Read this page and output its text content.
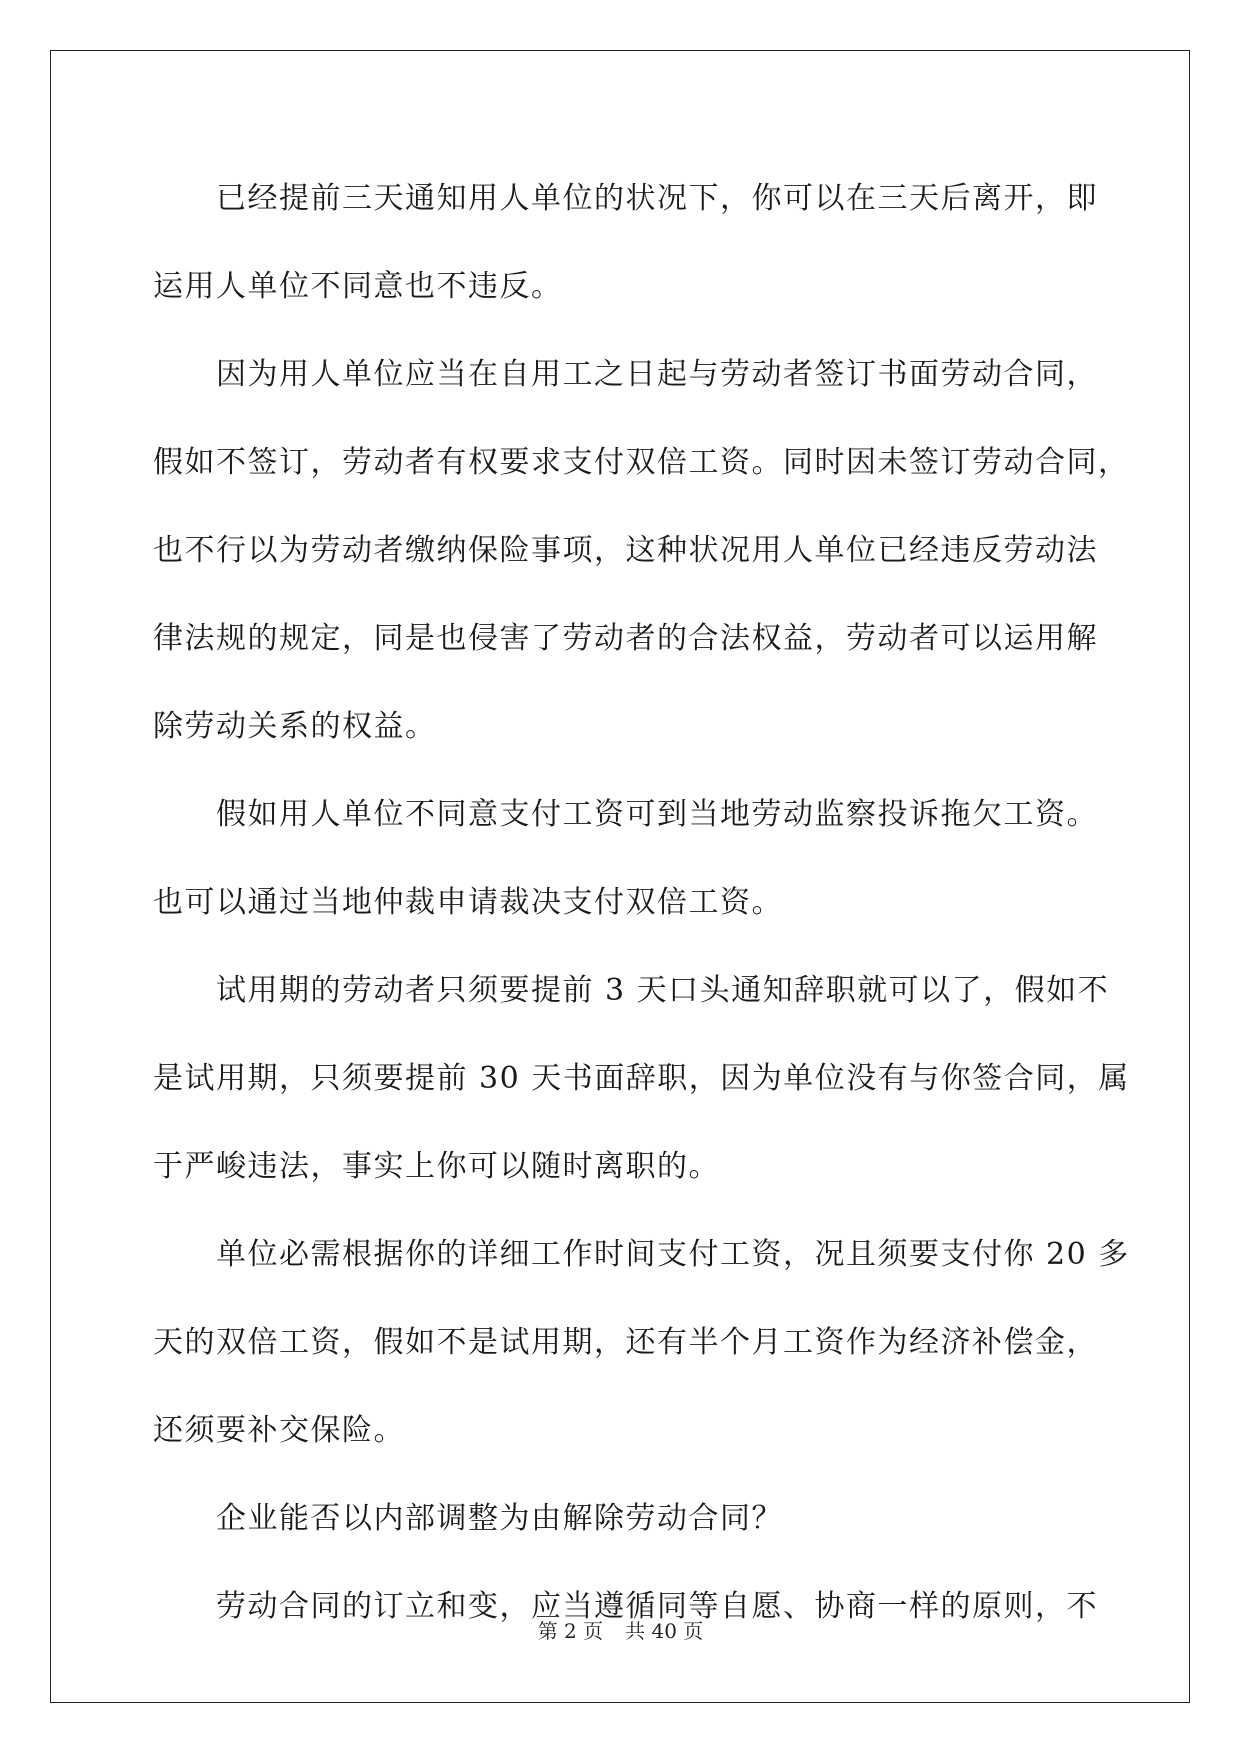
已经提前三天通知用人单位的状况下，你可以在三天后离开，即
运用人单位不同意也不违反。
因为用人单位应当在自用工之日起与劳动者签订书面劳动合同，
假如不签订，劳动者有权要求支付双倍工资。同时因未签订劳动合同，
也不行以为劳动者缴纳保险事项，这种状况用人单位已经违反劳动法
律法规的规定，同是也侵害了劳动者的合法权益，劳动者可以运用解
除劳动关系的权益。
假如用人单位不同意支付工资可到当地劳动监察投诉拖欠工资。
也可以通过当地仲裁申请裁决支付双倍工资。
试用期的劳动者只须要提前 3 天口头通知辞职就可以了，假如不
是试用期，只须要提前 30 天书面辞职，因为单位没有与你签合同，属
于严峻违法，事实上你可以随时离职的。
单位必需根据你的详细工作时间支付工资，况且须要支付你 20 多
天的双倍工资，假如不是试用期，还有半个月工资作为经济补偿金，
还须要补交保险。
企业能否以内部调整为由解除劳动合同？
劳动合同的订立和变，应当遵循同等自愿、协商一样的原则，不
第 2 页 共 40 页
